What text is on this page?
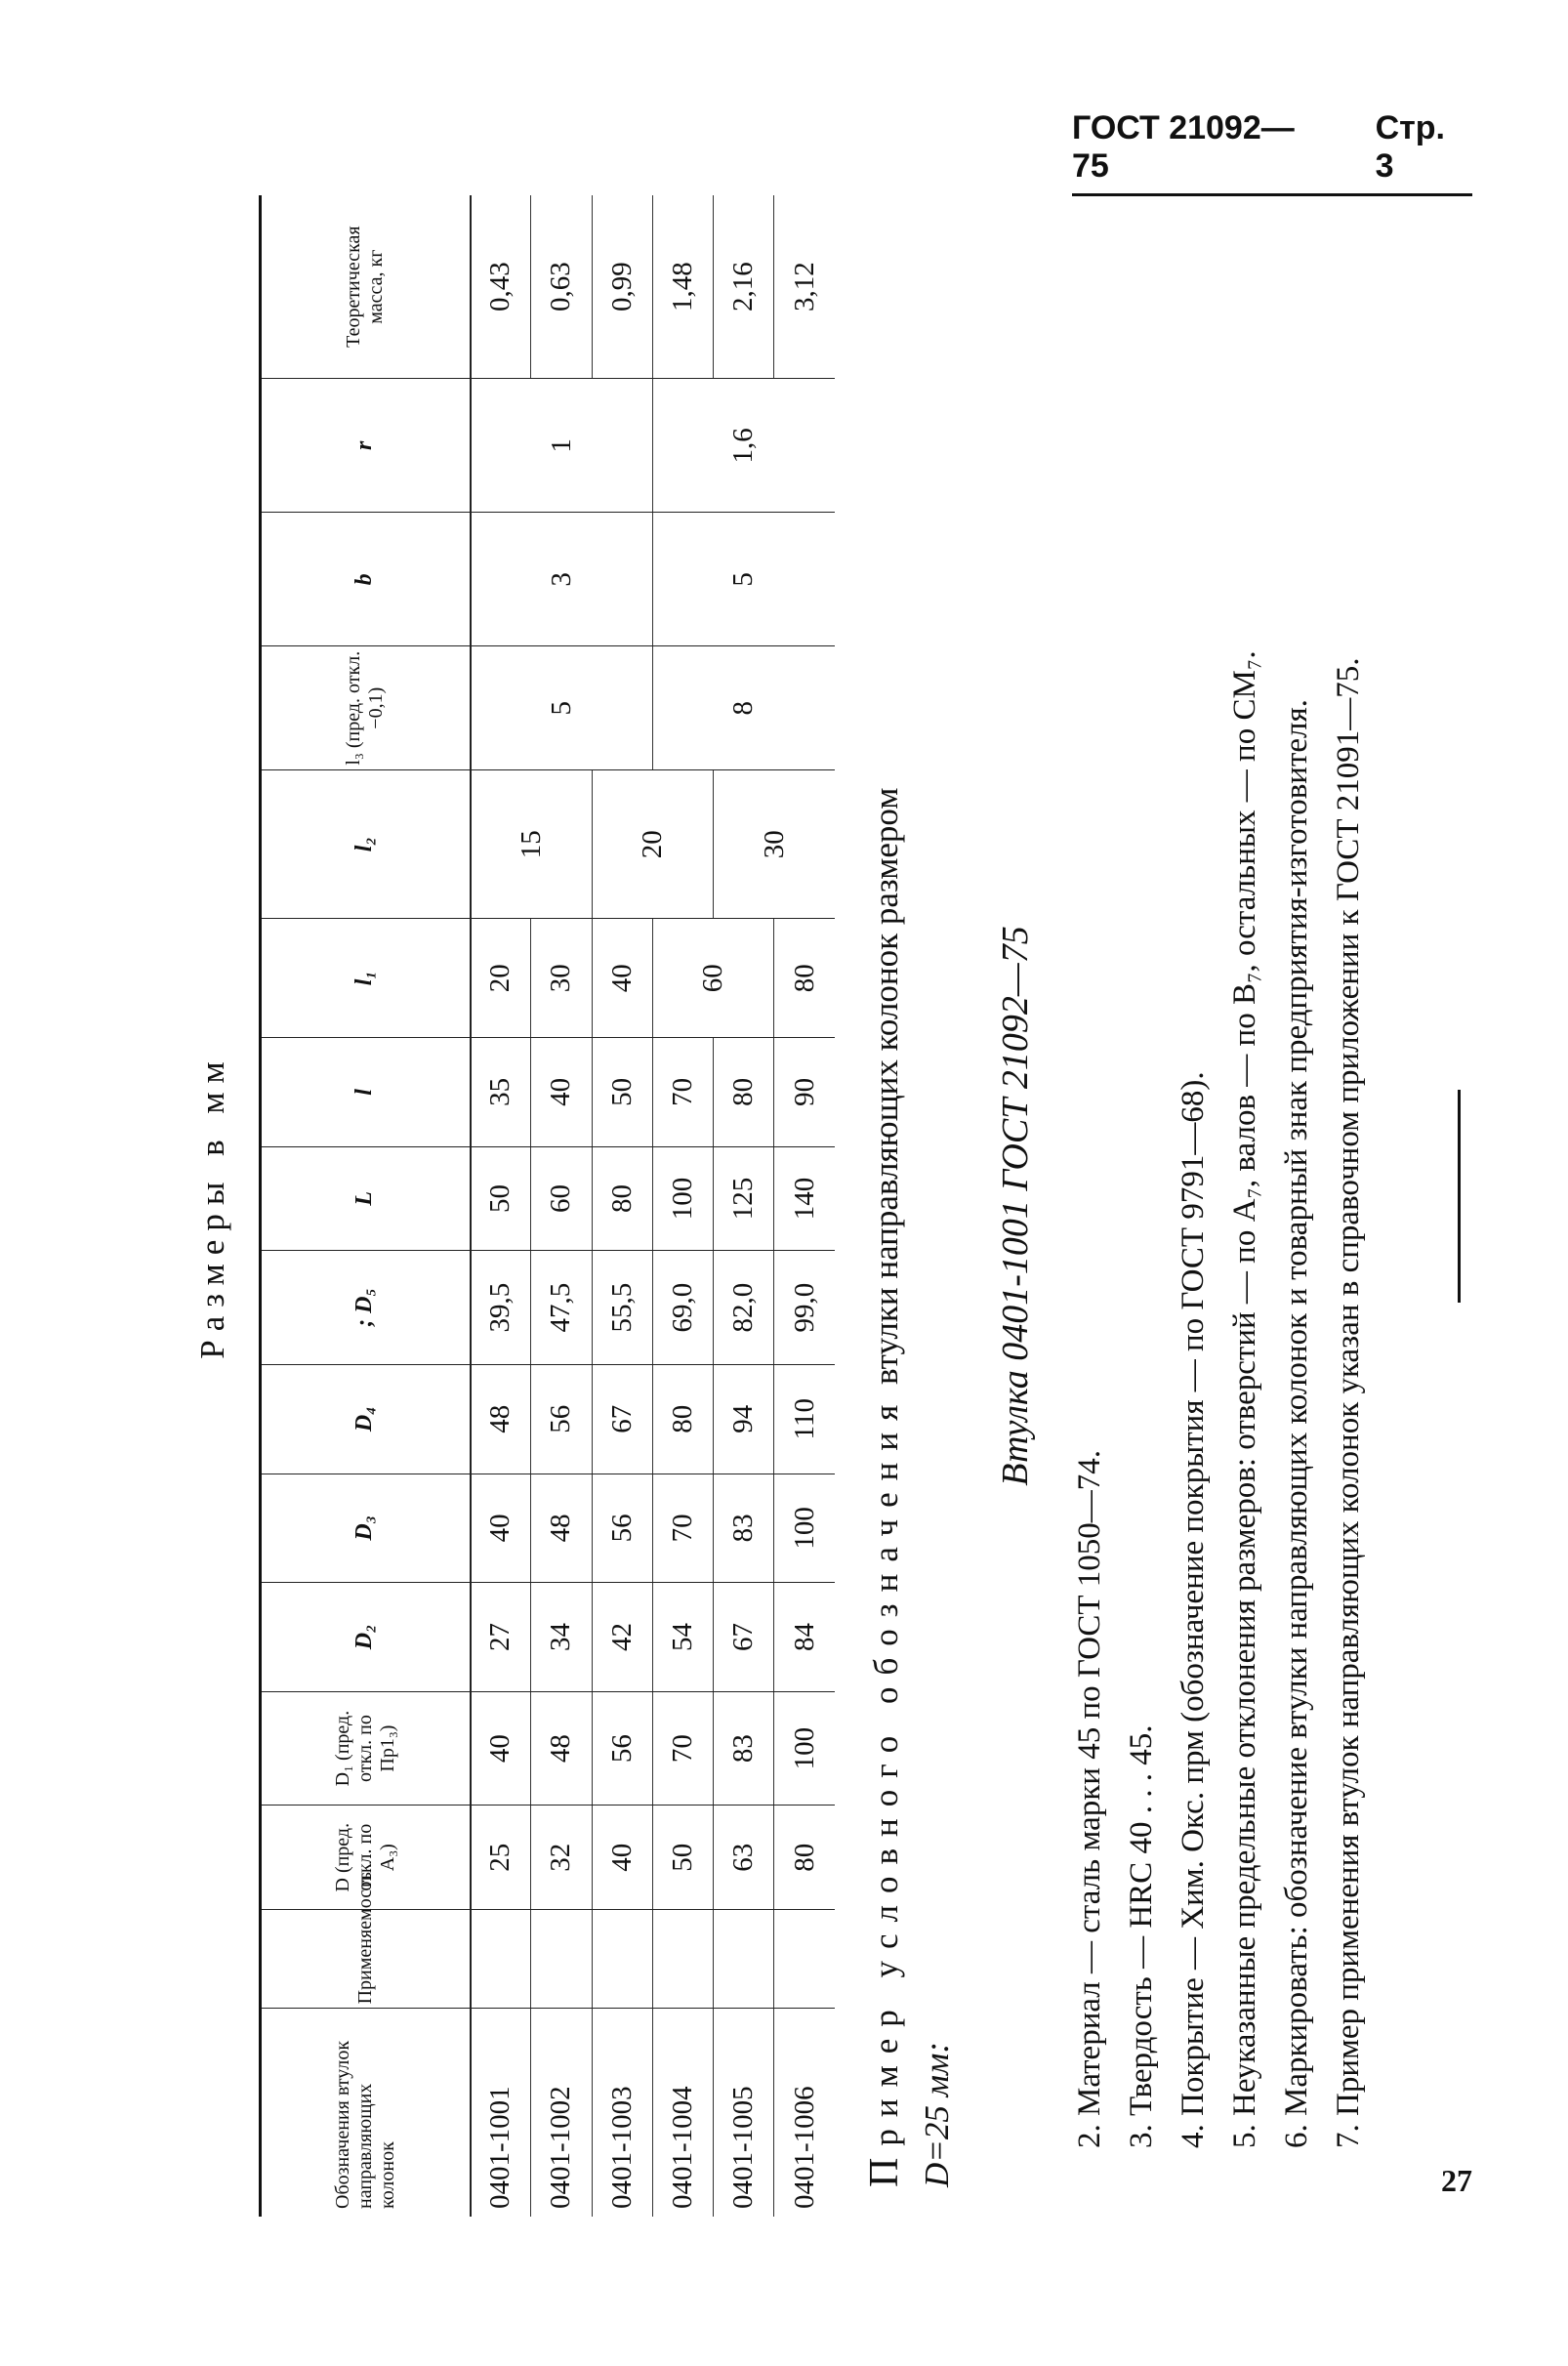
ГОСТ 21092—75
Стр. 3
27
Размеры в мм
Обозначения втулок направляющих колонок	Применяемость	D (пред. откл. по A₃)	D₁ (пред. откл. по Пр1₃)	D₂	D₃	D₄	; D₅	L	l	l₁	l₂	l₃ (пред. откл. −0,1)	b	r	Теоретическая масса, кг
0401-1001		25	40	27	40	48	39,5	50	35	20	15	5	3	1	0,43
0401-1002		32	48	34	48	56	47,5	60	40	30					0,63
0401-1003		40	56	42	56	67	55,5	80	50	40	20				0,99
0401-1004		50	70	54	70	80	69,0	100	70	60		8	5	1,6	1,48
0401-1005		63	83	67	83	94	82,0	125	80		30				2,16
0401-1006		80	100	84	100	110	99,0	140	90	80					3,12
Пример условного обозначения втулки направляющих колонок размером
D=25 мм:
Втулка 0401-1001 ГОСТ 21092—75

2. Материал — сталь марки 45 по ГОСТ 1050—74. 3. Твердость — HRC 40 . . . 45. 4. Покрытие — Хим. Окс. прм (обозначение покрытия — по ГОСТ 9791—68). 5. Неуказанные предельные отклонения размеров: отверстий — по A₇, валов — по B₇, остальных — по CM₇. 6. Маркировать: обозначение втулки направляющих колонок и товарный знак предприятия-изготовителя. 7. Пример применения втулок направляющих колонок указан в справочном приложении к ГОСТ 21091—75.
